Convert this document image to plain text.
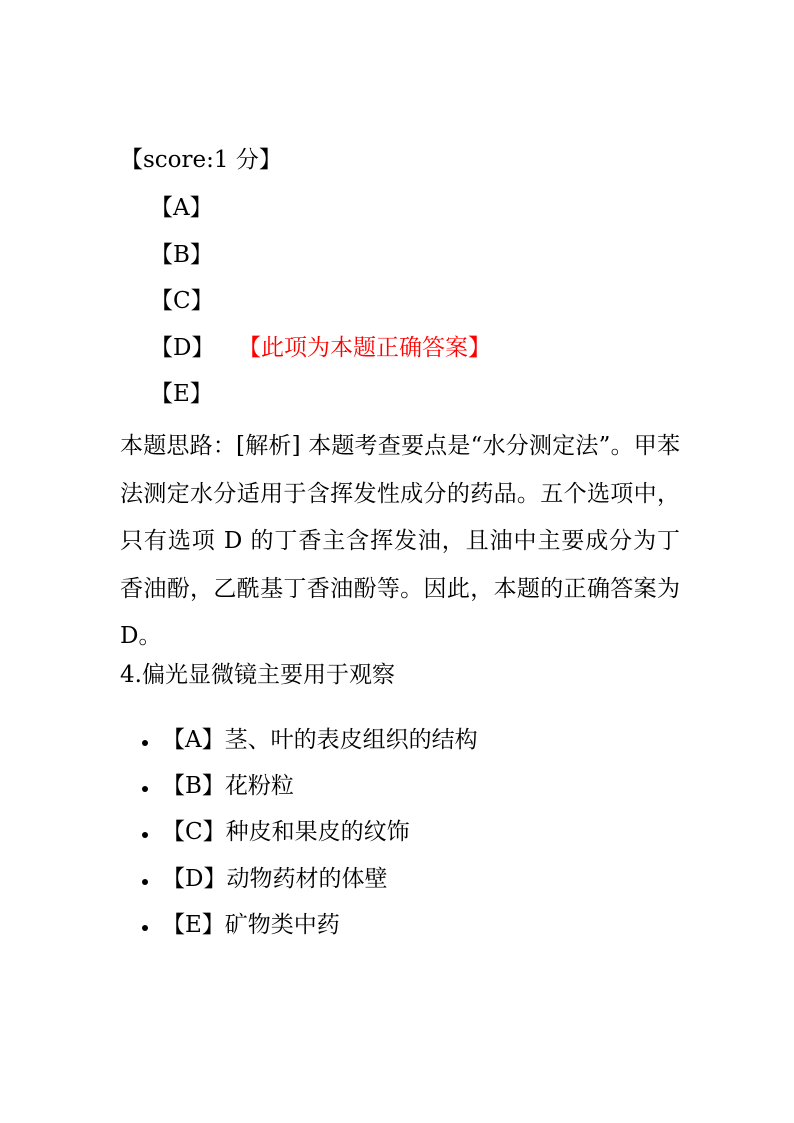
【score:1 分】
【A】
【B】
【C】
【D】 【此项为本题正确答案】
【E】
本题思路：[解析] 本题考查要点是“水分测定法”。甲苯法测定水分适用于含挥发性成分的药品。五个选项中，只有选项 D 的丁香主含挥发油，且油中主要成分为丁香油酚，乙酰基丁香油酚等。因此，本题的正确答案为 D。
4.偏光显微镜主要用于观察
【A】茎、叶的表皮组织的结构
【B】花粉粒
【C】种皮和果皮的纹饰
【D】动物药材的体壁
【E】矿物类中药
